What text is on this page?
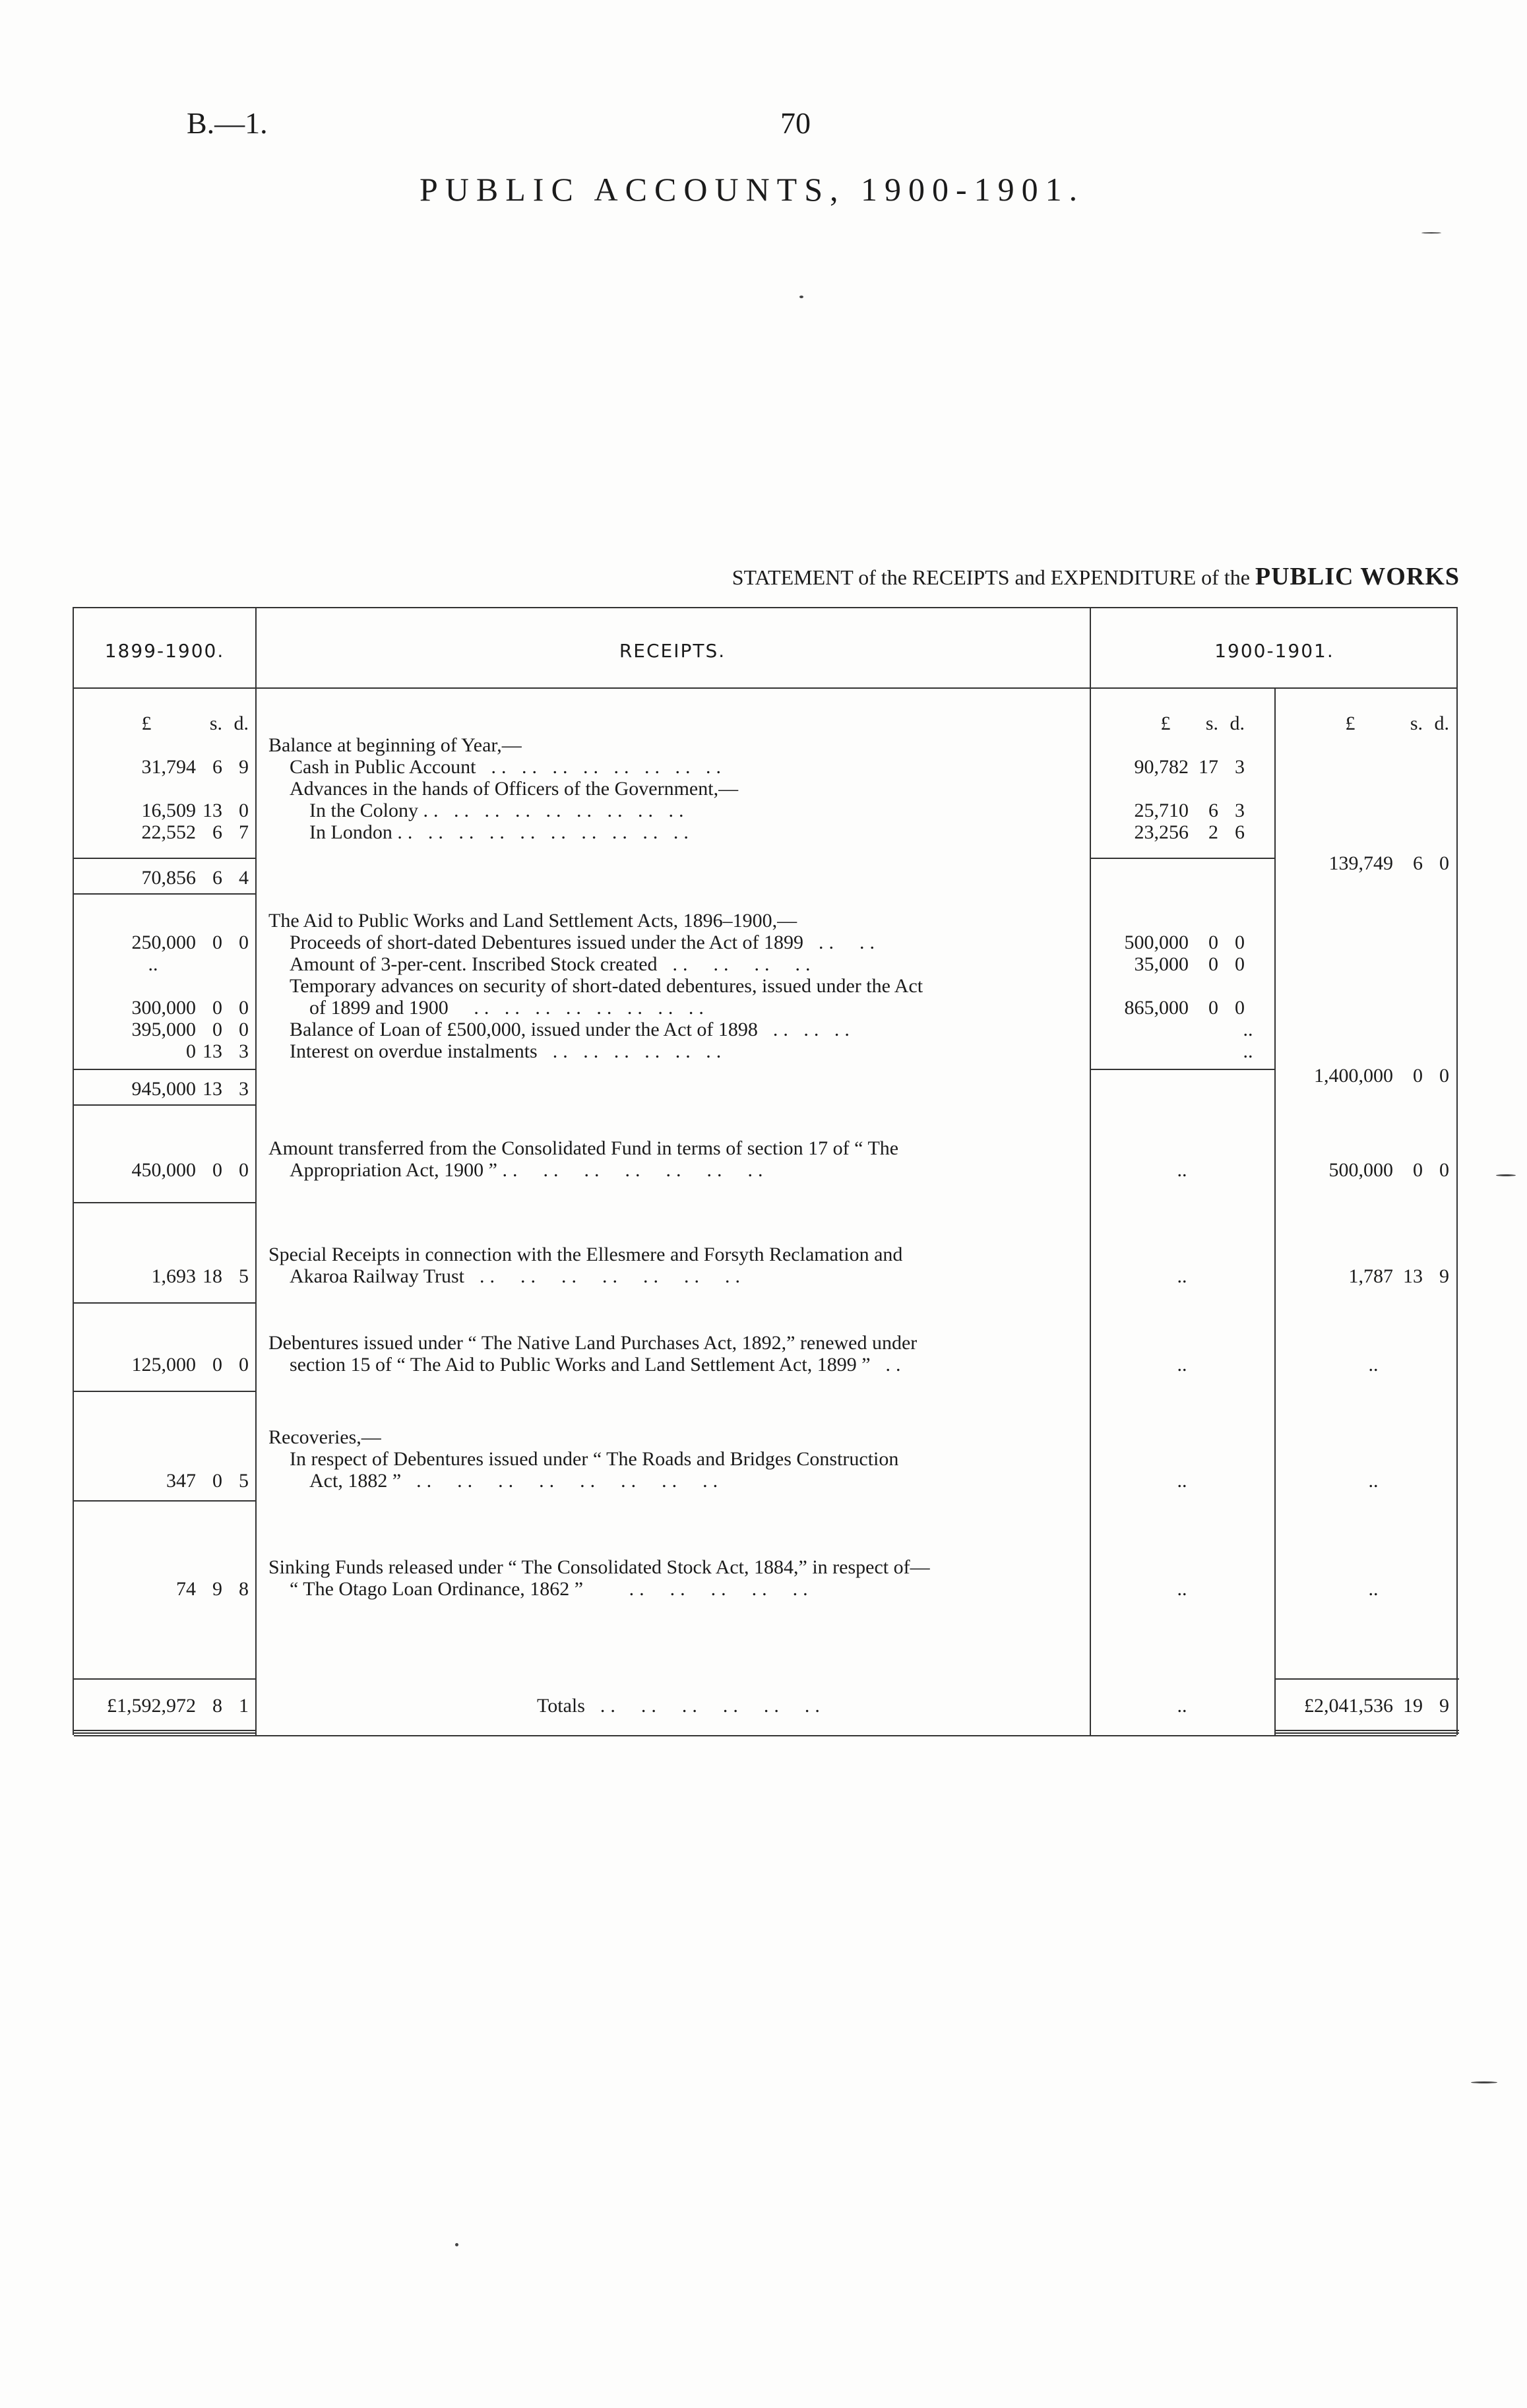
B.—1.	70
PUBLIC ACCOUNTS, 1900-1901.
STATEMENT of the RECEIPTS and EXPENDITURE of the PUBLIC WORKS
1899-1900.	RECEIPTS.	1900-1901.
£	s. d.	£	s. d.	£	s. d.
Balance at beginning of Year,—
31,794 6 9 Cash in Public Account  .. .. .. .. .. .. .. ..	90,782 17 3
Advances in the hands of Officers of the Government,—
16,509 13 0	In the Colony .. .. .. .. .. .. .. .. ..	25,710	6 3
22,552 6 7	In London .. .. .. .. .. .. .. .. .. ..	23,256	2 6
70,856 6 4
139,749	6 0
The Aid to Public Works and Land Settlement Acts, 1896–1900,—
250,000 0 0 Proceeds of short-dated Debentures issued under the Act of 1899  ..  ..	500,000	0 0
..	Amount of 3-per-cent. Inscribed Stock created  ..  ..  ..  ..	35,000	0 0
Temporary advances on security of short-dated debentures, issued under the Act
300,000 0 0	of 1899 and 1900   .. .. .. .. .. .. .. ..	865,000	0 0
395,000 0 0 Balance of Loan of £500,000, issued under the Act of 1898  .. .. ..	..
0 13 3 Interest on overdue instalments  .. .. .. .. .. ..	..
945,000 13 3
1,400,000	0 0
Amount transferred from the Consolidated Fund in terms of section 17 of “ The
450,000 0 0 Appropriation Act, 1900 ” ..  ..  ..  ..  ..  ..  ..	..	500,000	0 0
Special Receipts in connection with the Ellesmere and Forsyth Reclamation and
1,693 18 5 Akaroa Railway Trust  ..  ..  ..  ..  ..  ..  ..	..	1,787 13 9
Debentures issued under “ The Native Land Purchases Act, 1892,” renewed under
125,000 0 0 section 15 of “ The Aid to Public Works and Land Settlement Act, 1899 ”  ..	..	..
Recoveries,—
In respect of Debentures issued under “ The Roads and Bridges Construction
347 0 5	Act, 1882 ”  ..  ..  ..  ..  ..  ..  ..  ..	..	..
Sinking Funds released under “ The Consolidated Stock Act, 1884,” in respect of—
74 9 8 “ The Otago Loan Ordinance, 1862 ”     ..  ..  ..  ..  ..	..	..
£1,592,972 8 1	Totals  ..  ..  ..  ..  ..  ..	..	£2,041,536 19 9
